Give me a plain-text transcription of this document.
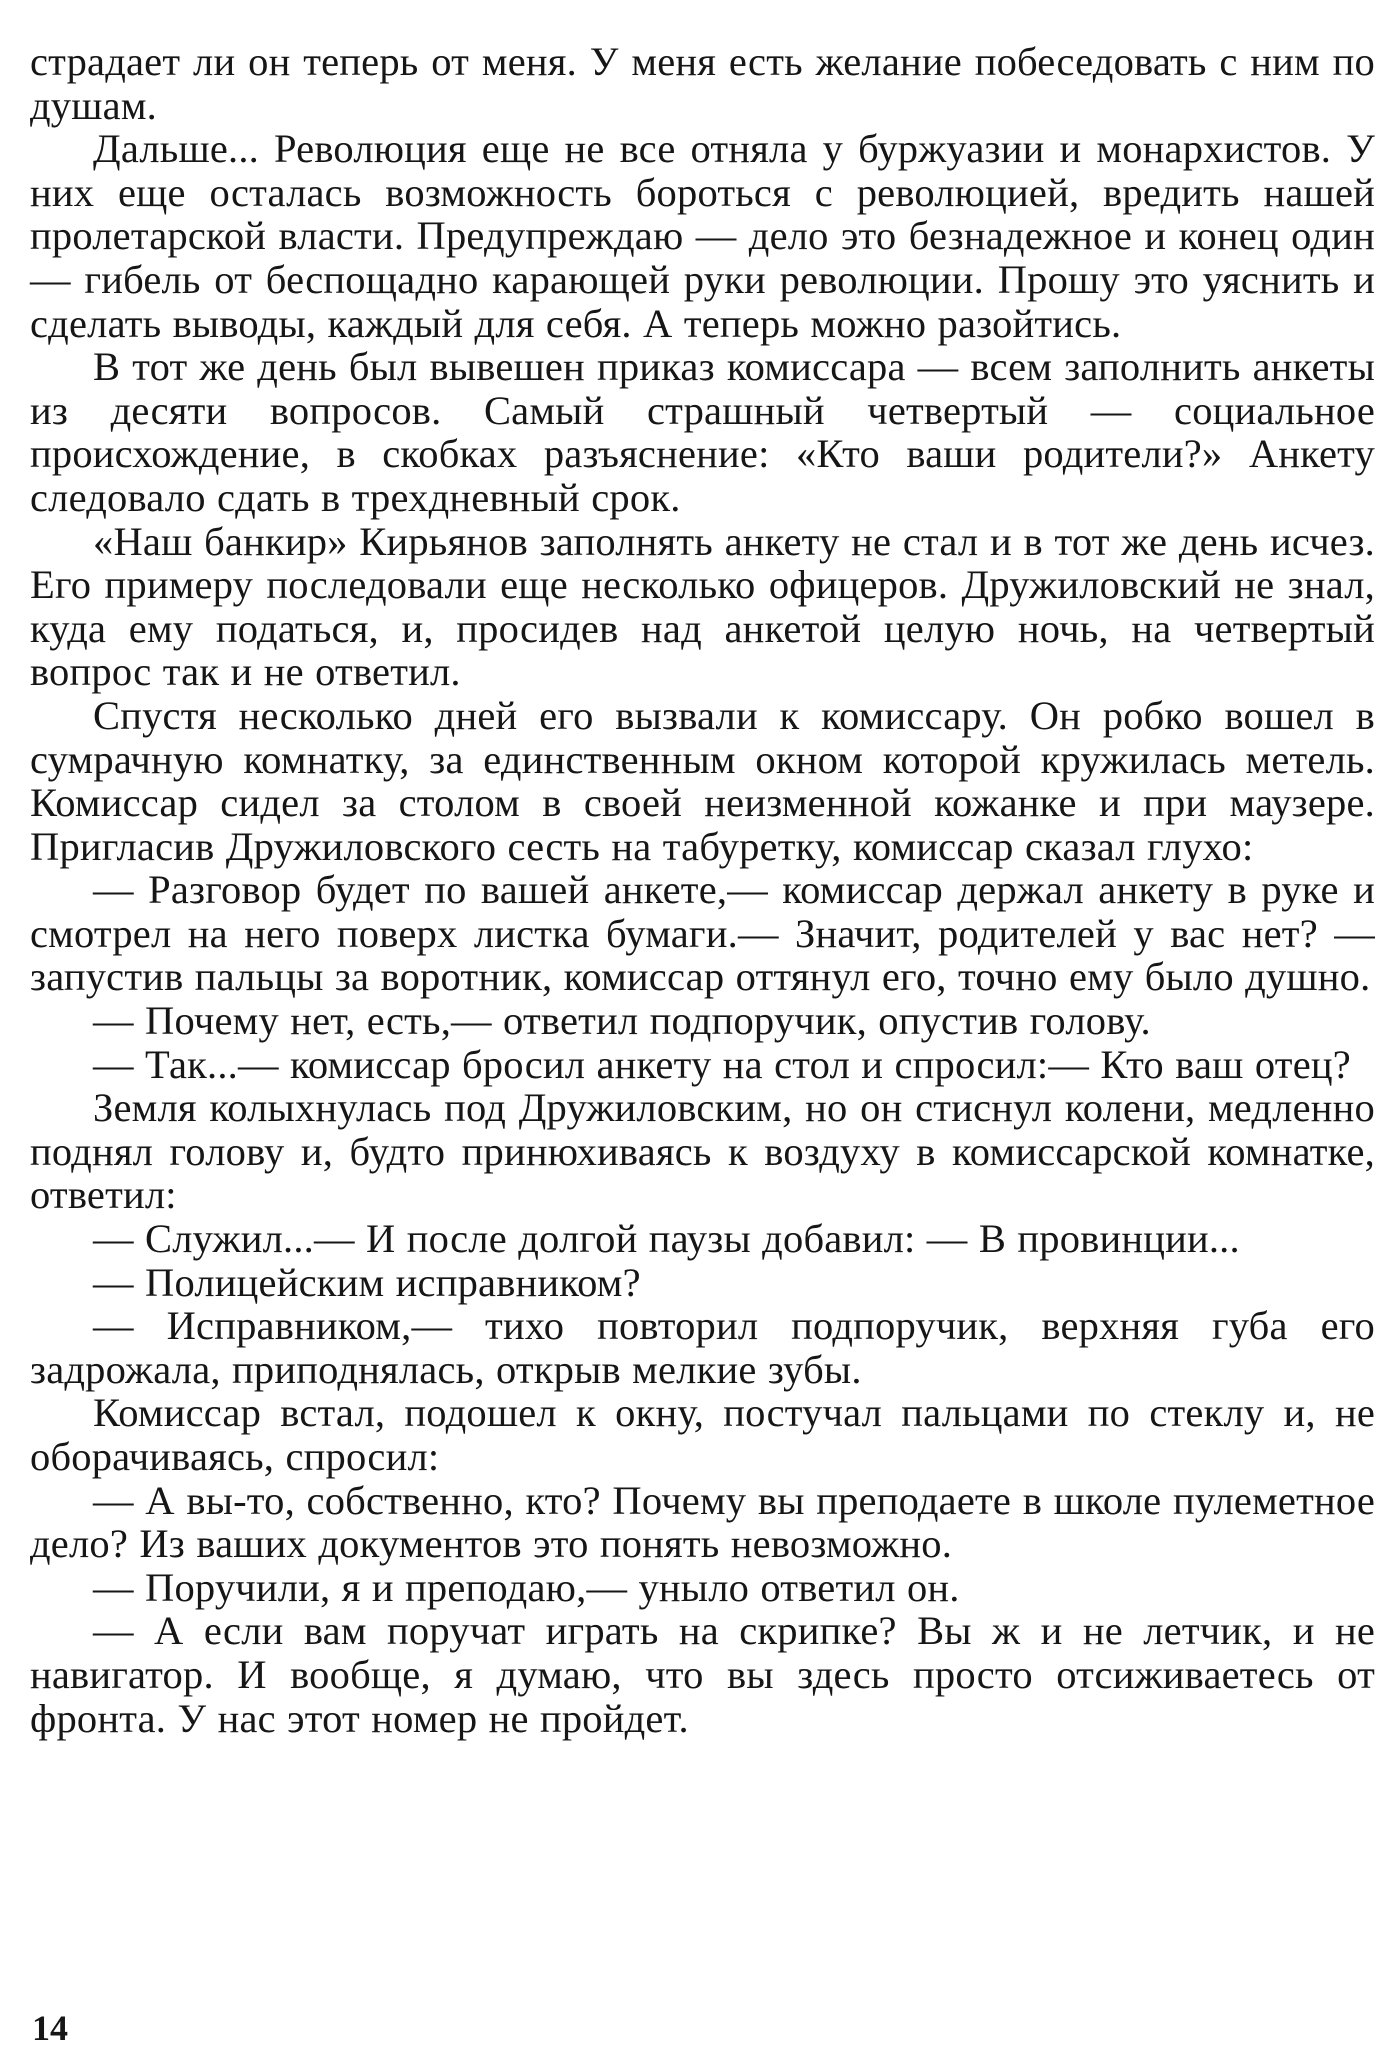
страдает ли он теперь от меня. У меня есть желание побеседовать с ним по душам.

Дальше... Революция еще не все отняла у буржуазии и монархистов. У них еще осталась возможность бороться с революцией, вредить нашей пролетарской власти. Предупреждаю — дело это безнадежное и конец один — гибель от беспощадно карающей руки революции. Прошу это уяснить и сделать выводы, каждый для себя. А теперь можно разойтись.

В тот же день был вывешен приказ комиссара — всем заполнить анкеты из десяти вопросов. Самый страшный четвертый — социальное происхождение, в скобках разъяснение: «Кто ваши родители?» Анкету следовало сдать в трехдневный срок.

«Наш банкир» Кирьянов заполнять анкету не стал и в тот же день исчез. Его примеру последовали еще несколько офицеров. Дружиловский не знал, куда ему податься, и, просидев над анкетой целую ночь, на четвертый вопрос так и не ответил.

Спустя несколько дней его вызвали к комиссару. Он робко вошел в сумрачную комнатку, за единственным окном которой кружилась метель. Комиссар сидел за столом в своей неизменной кожанке и при маузере. Пригласив Дружиловского сесть на табуретку, комиссар сказал глухо:

— Разговор будет по вашей анкете,— комиссар держал анкету в руке и смотрел на него поверх листка бумаги.— Значит, родителей у вас нет? — запустив пальцы за воротник, комиссар оттянул его, точно ему было душно.

— Почему нет, есть,— ответил подпоручик, опустив голову.

— Так...— комиссар бросил анкету на стол и спросил:— Кто ваш отец?

Земля колыхнулась под Дружиловским, но он стиснул колени, медленно поднял голову и, будто принюхиваясь к воздуху в комиссарской комнатке, ответил:

— Служил...— И после долгой паузы добавил: — В провинции...

— Полицейским исправником?

— Исправником,— тихо повторил подпоручик, верхняя губа его задрожала, приподнялась, открыв мелкие зубы.

Комиссар встал, подошел к окну, постучал пальцами по стеклу и, не оборачиваясь, спросил:

— А вы-то, собственно, кто? Почему вы преподаете в школе пулеметное дело? Из ваших документов это понять невозможно.

— Поручили, я и преподаю,— уныло ответил он.

— А если вам поручат играть на скрипке? Вы ж и не летчик, и не навигатор. И вообще, я думаю, что вы здесь просто отсиживаетесь от фронта. У нас этот номер не пройдет.

14
